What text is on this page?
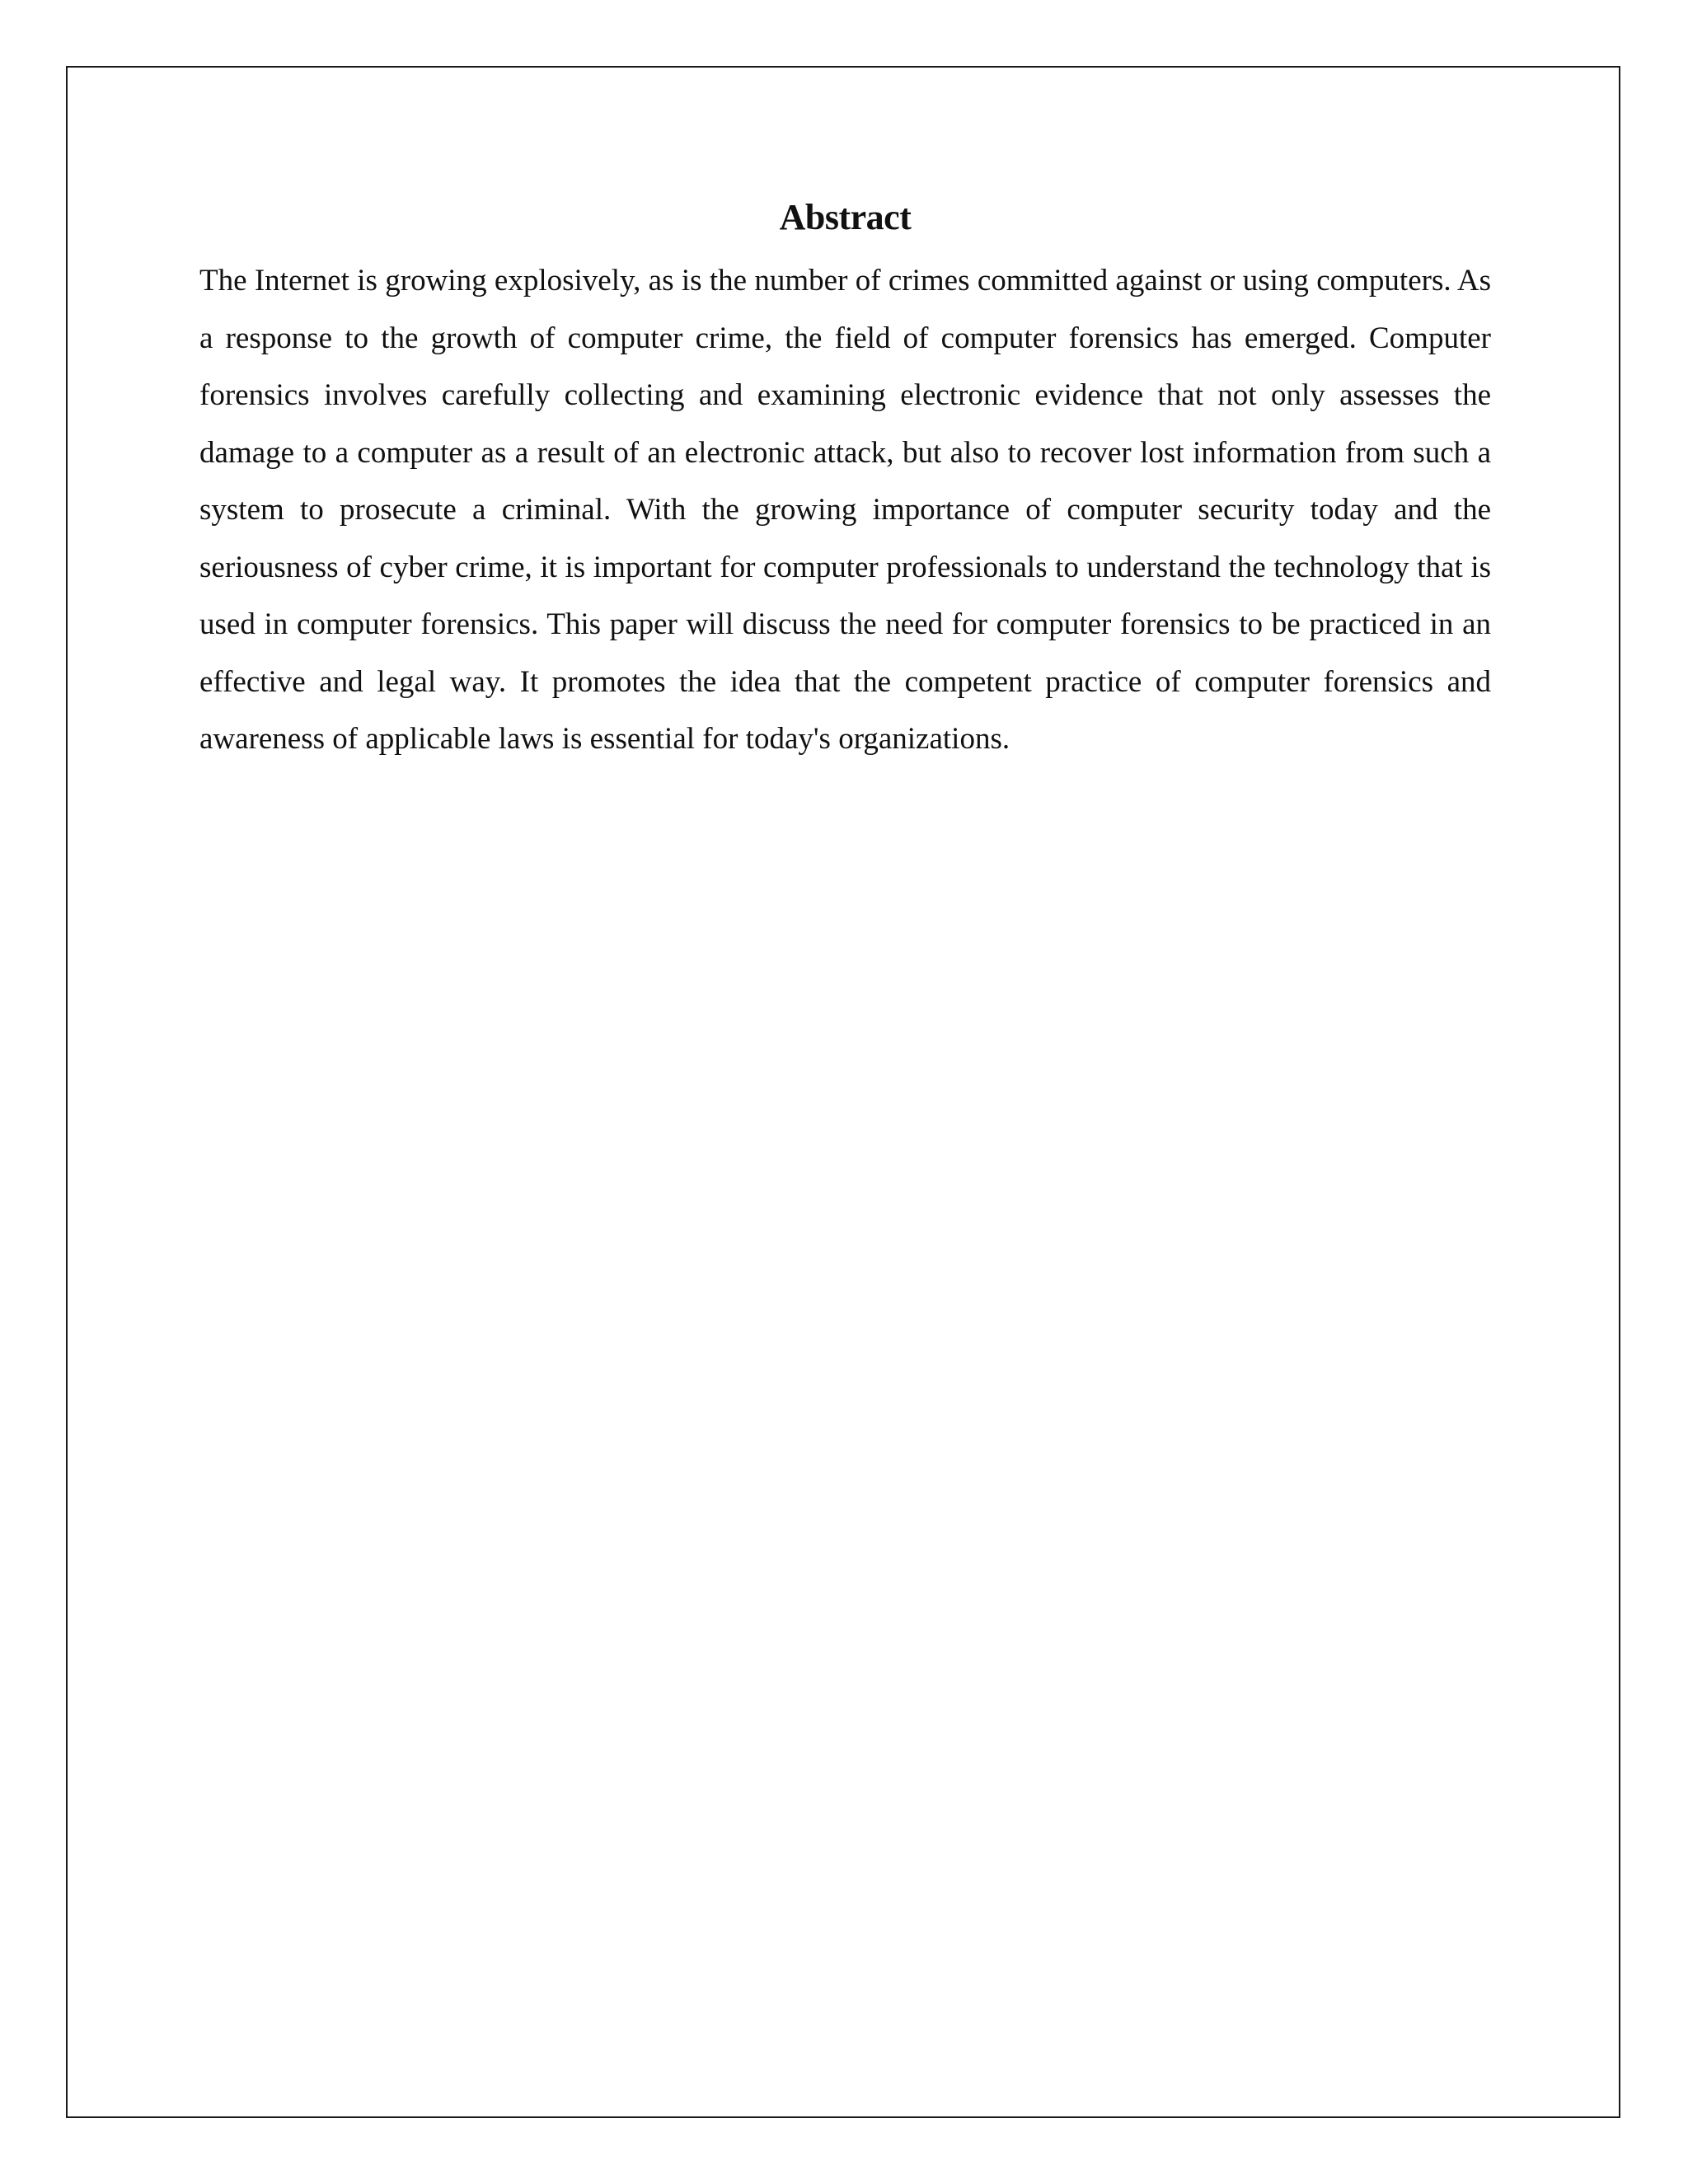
Abstract

The Internet is growing explosively, as is the number of crimes committed against or using computers. As a response to the growth of computer crime, the field of computer forensics has emerged. Computer forensics involves carefully collecting and examining electronic evidence that not only assesses the damage to a computer as a result of an electronic attack, but also to recover lost information from such a system to prosecute a criminal. With the growing importance of computer security today and the seriousness of cyber crime, it is important for computer professionals to understand the technology that is used in computer forensics. This paper will discuss the need for computer forensics to be practiced in an effective and legal way. It promotes the idea that the competent practice of computer forensics and awareness of applicable laws is essential for today's organizations.
